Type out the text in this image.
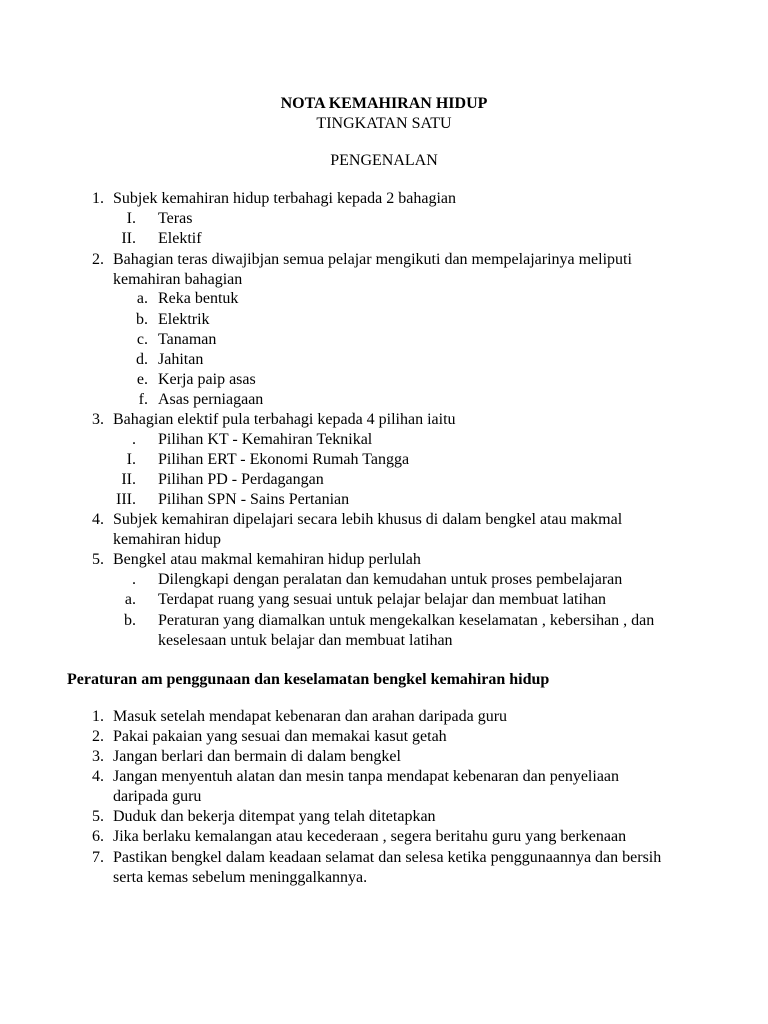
NOTA KEMAHIRAN HIDUP
TINGKATAN SATU
PENGENALAN
1. Subjek kemahiran hidup terbahagi kepada 2 bahagian
I. Teras
II. Elektif
2. Bahagian teras diwajibjan semua pelajar mengikuti dan mempelajarinya meliputi
kemahiran bahagian
a. Reka bentuk
b. Elektrik
c. Tanaman
d. Jahitan
e. Kerja paip asas
f. Asas perniagaan
3. Bahagian elektif pula terbahagi kepada 4 pilihan iaitu
. Pilihan KT - Kemahiran Teknikal
I. Pilihan ERT - Ekonomi Rumah Tangga
II. Pilihan PD - Perdagangan
III. Pilihan SPN - Sains Pertanian
4. Subjek kemahiran dipelajari secara lebih khusus di dalam bengkel atau makmal
kemahiran hidup
5. Bengkel atau makmal kemahiran hidup perlulah
. Dilengkapi dengan peralatan dan kemudahan untuk proses pembelajaran
a. Terdapat ruang yang sesuai untuk pelajar belajar dan membuat latihan
b. Peraturan yang diamalkan untuk mengekalkan keselamatan , kebersihan , dan
keselesaan untuk belajar dan membuat latihan
Peraturan am penggunaan dan keselamatan bengkel kemahiran hidup
1. Masuk setelah mendapat kebenaran dan arahan daripada guru
2. Pakai pakaian yang sesuai dan memakai kasut getah
3. Jangan berlari dan bermain di dalam bengkel
4. Jangan menyentuh alatan dan mesin tanpa mendapat kebenaran dan penyeliaan
daripada guru
5. Duduk dan bekerja ditempat yang telah ditetapkan
6. Jika berlaku kemalangan atau kecederaan , segera beritahu guru yang berkenaan
7. Pastikan bengkel dalam keadaan selamat dan selesa ketika penggunaannya dan bersih
serta kemas sebelum meninggalkannya.
